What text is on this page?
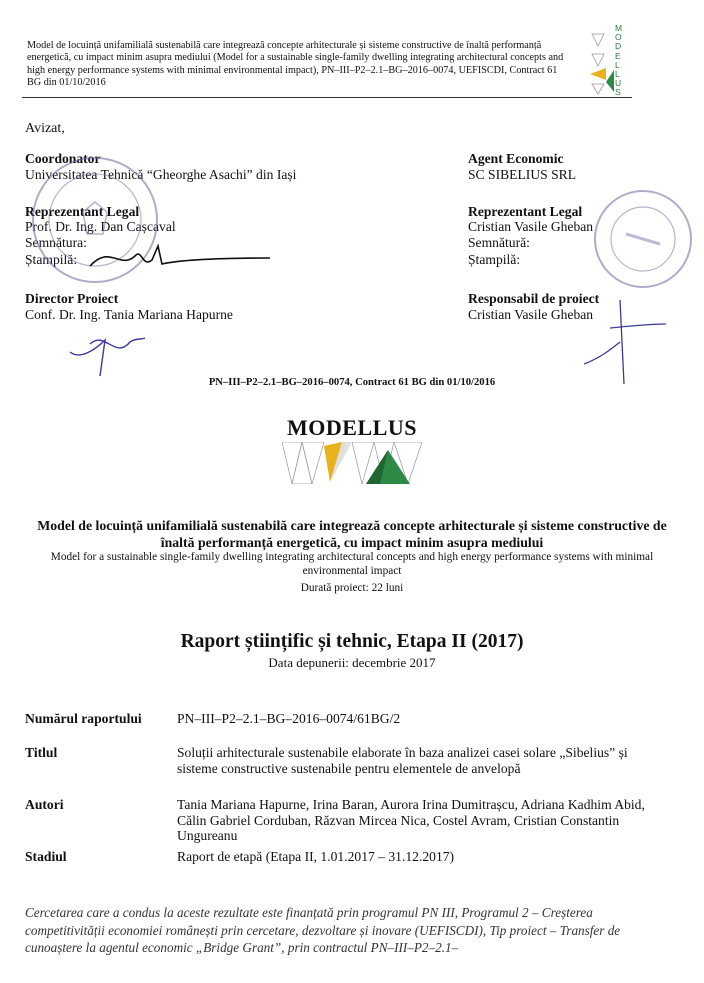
Model de locuință unifamilială sustenabilă care integrează concepte arhitecturale și sisteme constructive de înaltă performanță energetică, cu impact minim asupra mediului (Model for a sustainable single-family dwelling integrating architectural concepts and high energy performance systems with minimal environmental impact), PN–III–P2–2.1–BG–2016–0074, UEFISCDI, Contract 61 BG din 01/10/2016
M
O
D
E
L
L
U
S
Avizat,
Coordonator
Universitatea Tehnică “Gheorghe Asachi” din Iași
Reprezentant Legal
Prof. Dr. Ing. Dan Cașcaval
Semnătura:
Ștampilă:
Director Proiect
Conf. Dr. Ing. Tania Mariana Hapurne
Agent Economic
SC SIBELIUS SRL
Reprezentant Legal
Cristian Vasile Gheban
Semnătură:
Ștampilă:
Responsabil de proiect
Cristian Vasile Gheban
PN–III–P2–2.1–BG–2016–0074, Contract 61 BG din 01/10/2016
MODELLUS
Model de locuință unifamilială sustenabilă care integrează concepte arhitecturale și sisteme constructive de înaltă performanță energetică, cu impact minim asupra mediului
Model for a sustainable single-family dwelling integrating architectural concepts and high energy performance systems with minimal environmental impact
Durată proiect: 22 luni
Raport științific și tehnic, Etapa II (2017)
Data depunerii: decembrie 2017
Numărul raportului	PN–III–P2–2.1–BG–2016–0074/61BG/2
Titlul	Soluții arhitecturale sustenabile elaborate în baza analizei casei solare „Sibelius” și sisteme constructive sustenabile pentru elementele de anvelopă
Autori	Tania Mariana Hapurne, Irina Baran, Aurora Irina Dumitrașcu, Adriana Kadhim Abid, Călin Gabriel Corduban, Răzvan Mircea Nica, Costel Avram, Cristian Constantin Ungureanu
Stadiul	Raport de etapă (Etapa II, 1.01.2017 – 31.12.2017)
Cercetarea care a condus la aceste rezultate este finanțată prin programul PN III, Programul 2 – Creșterea competitivității economiei românești prin cercetare, dezvoltare și inovare (UEFISCDI), Tip proiect – Transfer de cunoaștere la agentul economic „Bridge Grant”, prin contractul PN–III–P2–2.1–
